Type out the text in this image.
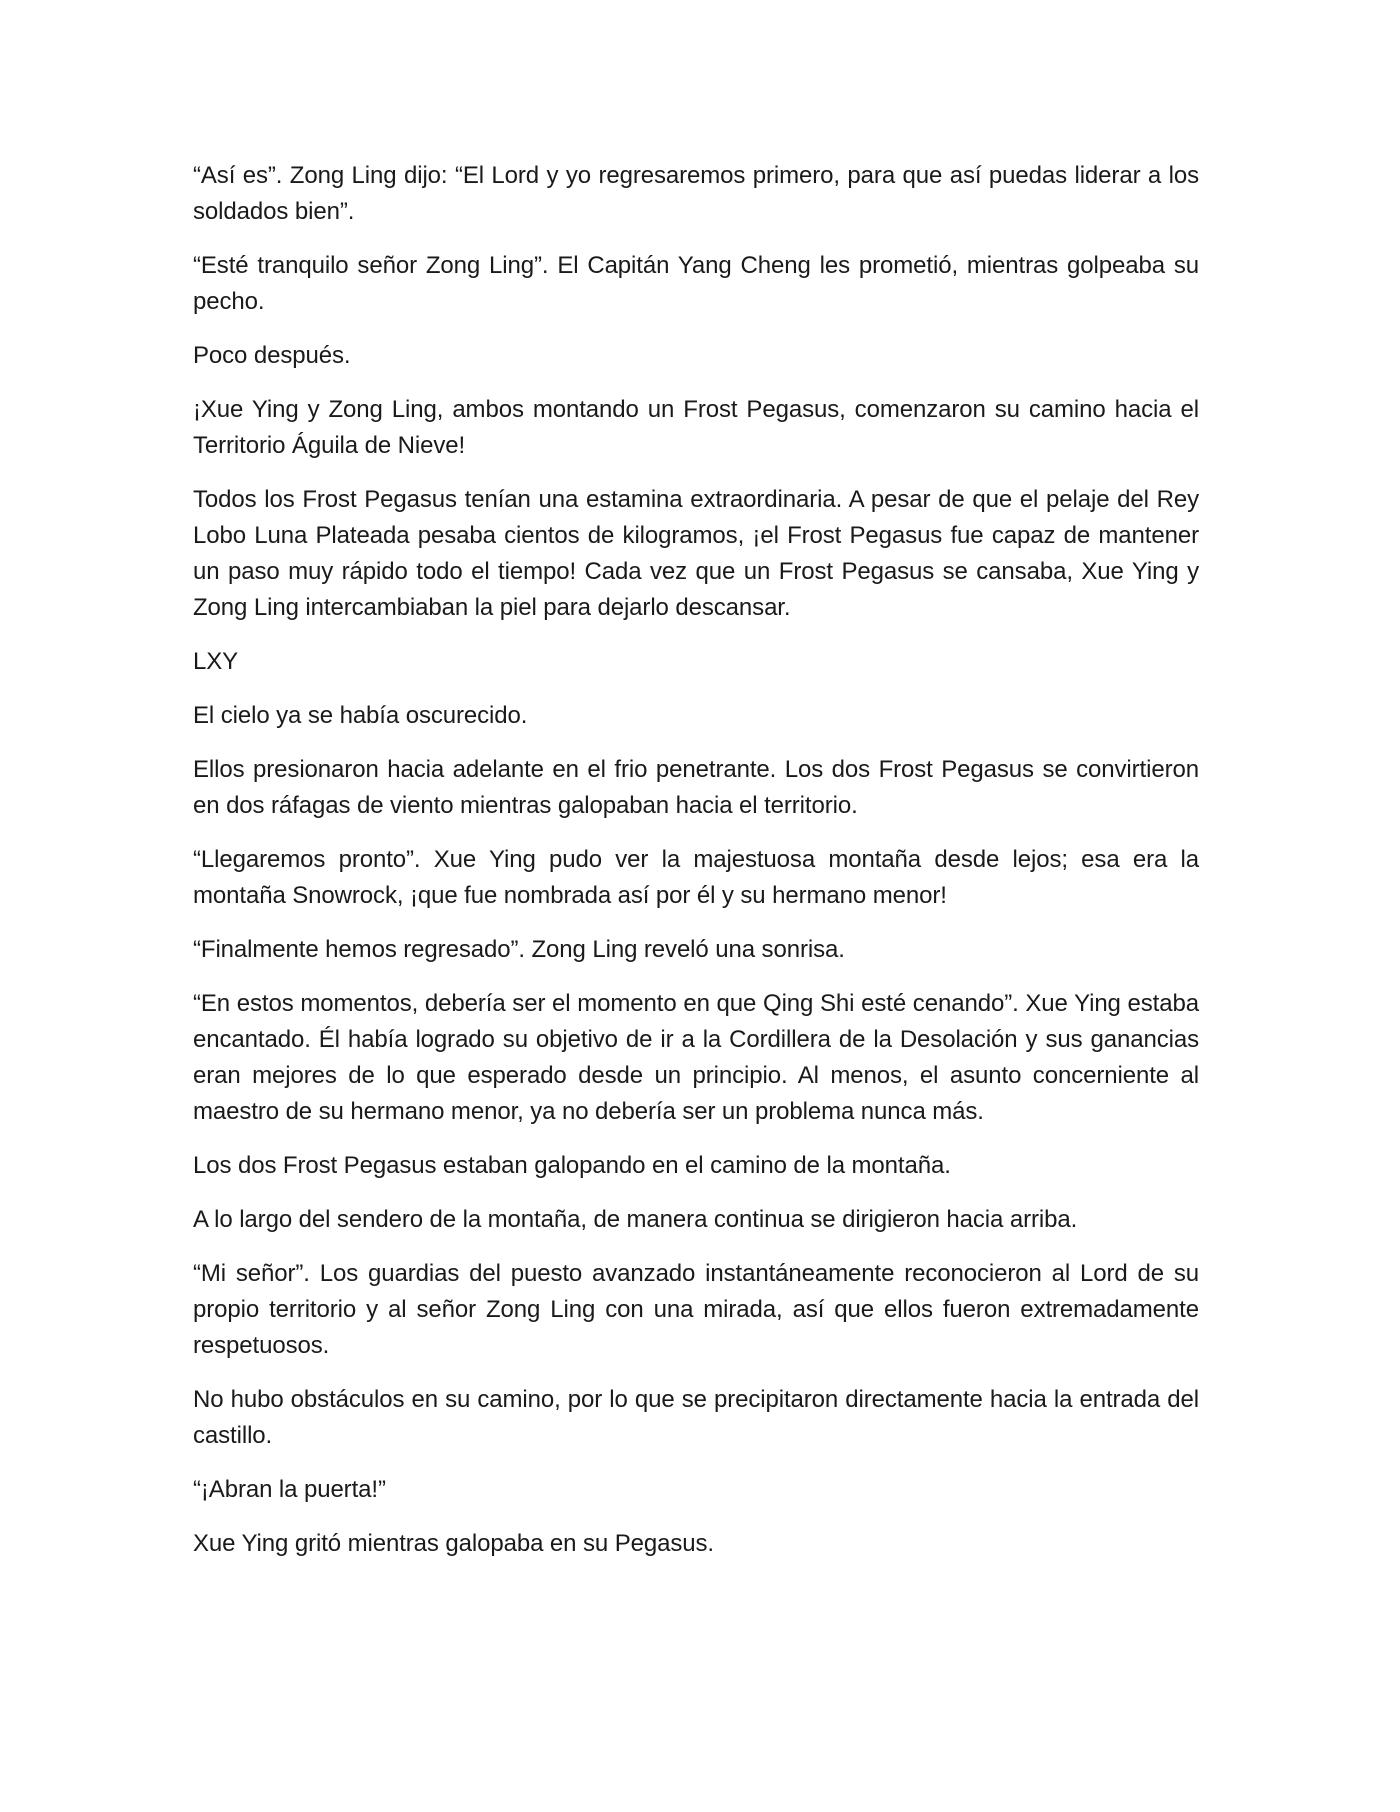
“Así es”. Zong Ling dijo: “El Lord y yo regresaremos primero, para que así puedas liderar a los soldados bien”.

“Esté tranquilo señor Zong Ling”. El Capitán Yang Cheng les prometió, mientras golpeaba su pecho.

Poco después.

¡Xue Ying y Zong Ling, ambos montando un Frost Pegasus, comenzaron su camino hacia el Territorio Águila de Nieve!

Todos los Frost Pegasus tenían una estamina extraordinaria. A pesar de que el pelaje del Rey Lobo Luna Plateada pesaba cientos de kilogramos, ¡el Frost Pegasus fue capaz de mantener un paso muy rápido todo el tiempo! Cada vez que un Frost Pegasus se cansaba, Xue Ying y Zong Ling intercambiaban la piel para dejarlo descansar.

LXY

El cielo ya se había oscurecido.

Ellos presionaron hacia adelante en el frio penetrante. Los dos Frost Pegasus se convirtieron en dos ráfagas de viento mientras galopaban hacia el territorio.

“Llegaremos pronto”. Xue Ying pudo ver la majestuosa montaña desde lejos; esa era la montaña Snowrock, ¡que fue nombrada así por él y su hermano menor!

“Finalmente hemos regresado”. Zong Ling reveló una sonrisa.

“En estos momentos, debería ser el momento en que Qing Shi esté cenando”. Xue Ying estaba encantado. Él había logrado su objetivo de ir a la Cordillera de la Desolación y sus ganancias eran mejores de lo que esperado desde un principio. Al menos, el asunto concerniente al maestro de su hermano menor, ya no debería ser un problema nunca más.

Los dos Frost Pegasus estaban galopando en el camino de la montaña.

A lo largo del sendero de la montaña, de manera continua se dirigieron hacia arriba.

“Mi señor”. Los guardias del puesto avanzado instantáneamente reconocieron al Lord de su propio territorio y al señor Zong Ling con una mirada, así que ellos fueron extremadamente respetuosos.

No hubo obstáculos en su camino, por lo que se precipitaron directamente hacia la entrada del castillo.

“¡Abran la puerta!”

Xue Ying gritó mientras galopaba en su Pegasus.
